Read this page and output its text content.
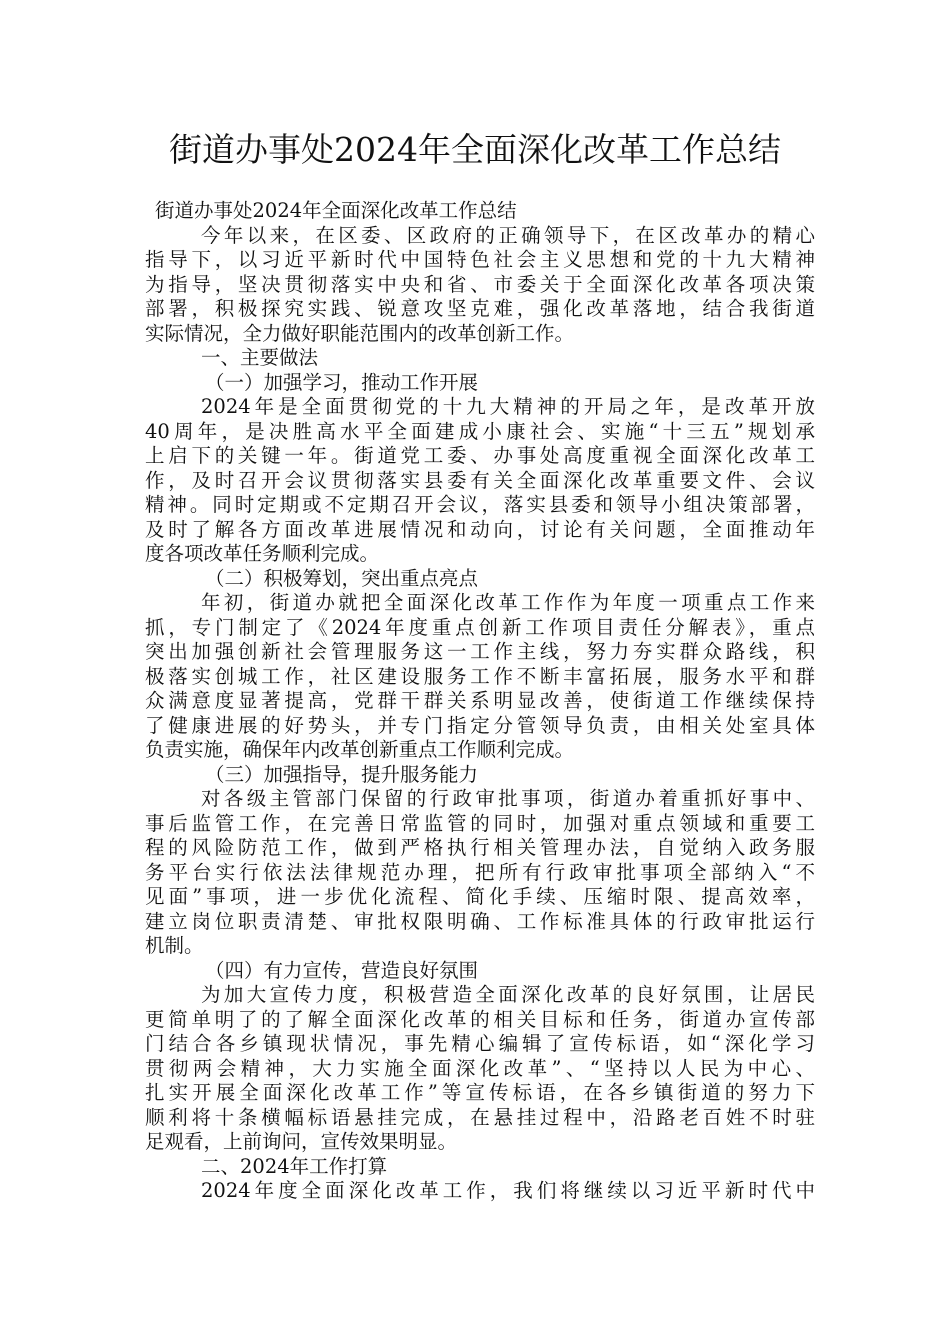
街道办事处2024年全面深化改革工作总结
街道办事处2024年全面深化改革工作总结
今年以来，在区委、区政府的正确领导下，在区改革办的精心
指导下，以习近平新时代中国特色社会主义思想和党的十九大精神
为指导，坚决贯彻落实中央和省、市委关于全面深化改革各项决策
部署，积极探究实践、锐意攻坚克难，强化改革落地，结合我街道
实际情况，全力做好职能范围内的改革创新工作。
一、主要做法
（一）加强学习，推动工作开展
2024年是全面贯彻党的十九大精神的开局之年，是改革开放
40周年，是决胜高水平全面建成小康社会、实施“十三五”规划承
上启下的关键一年。街道党工委、办事处高度重视全面深化改革工
作，及时召开会议贯彻落实县委有关全面深化改革重要文件、会议
精神。同时定期或不定期召开会议，落实县委和领导小组决策部署，
及时了解各方面改革进展情况和动向，讨论有关问题，全面推动年
度各项改革任务顺利完成。
（二）积极筹划，突出重点亮点
年初，街道办就把全面深化改革工作作为年度一项重点工作来
抓，专门制定了《2024年度重点创新工作项目责任分解表》，重点
突出加强创新社会管理服务这一工作主线，努力夯实群众路线，积
极落实创城工作，社区建设服务工作不断丰富拓展，服务水平和群
众满意度显著提高，党群干群关系明显改善，使街道工作继续保持
了健康进展的好势头，并专门指定分管领导负责，由相关处室具体
负责实施，确保年内改革创新重点工作顺利完成。
（三）加强指导，提升服务能力
对各级主管部门保留的行政审批事项，街道办着重抓好事中、
事后监管工作，在完善日常监管的同时，加强对重点领域和重要工
程的风险防范工作，做到严格执行相关管理办法，自觉纳入政务服
务平台实行依法法律规范办理，把所有行政审批事项全部纳入“不
见面”事项，进一步优化流程、简化手续、压缩时限、提高效率，
建立岗位职责清楚、审批权限明确、工作标准具体的行政审批运行
机制。
（四）有力宣传，营造良好氛围
为加大宣传力度，积极营造全面深化改革的良好氛围，让居民
更简单明了的了解全面深化改革的相关目标和任务，街道办宣传部
门结合各乡镇现状情况，事先精心编辑了宣传标语，如“深化学习
贯彻两会精神，大力实施全面深化改革”、“坚持以人民为中心、
扎实开展全面深化改革工作”等宣传标语，在各乡镇街道的努力下
顺利将十条横幅标语悬挂完成，在悬挂过程中，沿路老百姓不时驻
足观看，上前询问，宣传效果明显。
二、2024年工作打算
2024年度全面深化改革工作，我们将继续以习近平新时代中
